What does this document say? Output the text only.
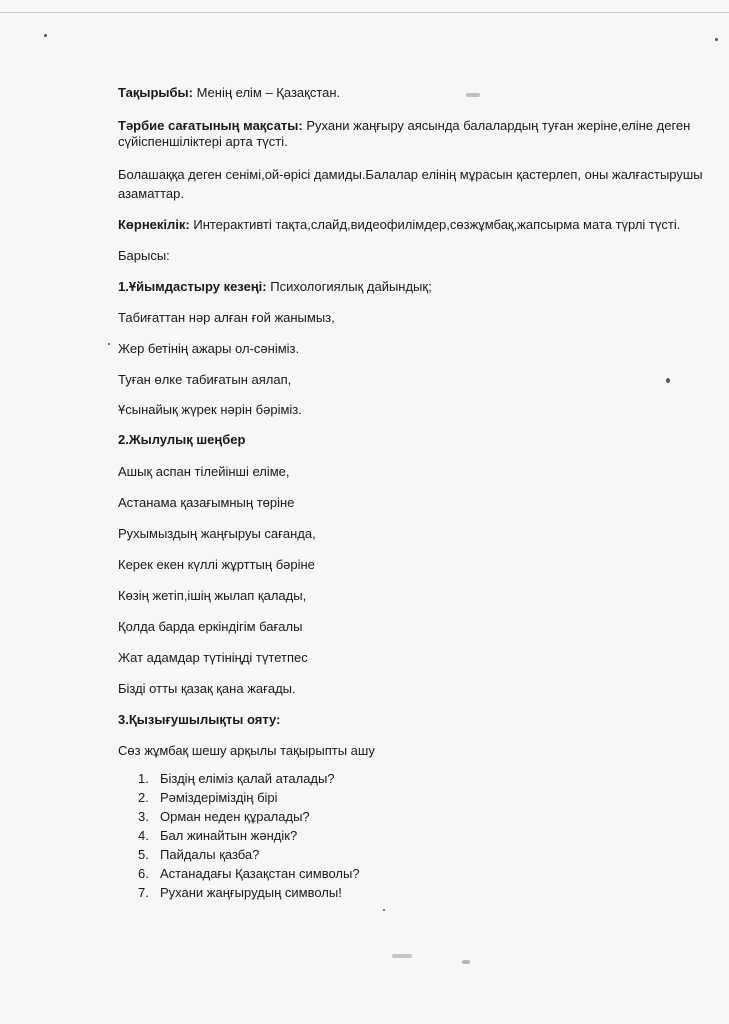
Тақырыбы: Менің елім – Қазақстан.
Тәрбие сағатының мақсаты: Рухани жаңғыру аясында балалардың туған жеріне,еліне деген
сүйіспеншіліктері арта түсті.
Болашаққа деген сенімі,ой-өрісі дамиды.Балалар елінің мұрасын қастерлеп, оны жалғастырушы
азаматтар.
Көрнекілік: Интерактивті тақта,слайд,видеофилімдер,сөзжұмбақ,жапсырма мата түрлі түсті.
Барысы:
1.Ұйымдастыру кезеңі: Психологиялық дайындық;
Табиғаттан нәр алған ғой жанымыз,
Жер бетінің ажары ол-сәніміз.
Туған өлке табиғатын аялап,
Ұсынайық жүрек нәрін бәріміз.
2.Жылулық шеңбер
Ашық аспан тілейінші еліме,
Астанама қазағымның төріне
Рухымыздың жаңғыруы сағанда,
Керек екен күллі жұрттың бәріне
Көзің жетіп,ішің жылап қалады,
Қолда барда еркіндігім бағалы
Жат адамдар түтініңді түтетпес
Бізді отты қазақ қана жағады.
3.Қызығушылықты ояту:
Сөз жұмбақ шешу арқылы тақырыпты ашу
1. Біздің еліміз қалай аталады?
2. Рәміздеріміздің бірі
3. Орман неден құралады?
4. Бал жинайтын жәндік?
5. Пайдалы қазба?
6. Астанадағы Қазақстан символы?
7. Рухани жаңғырудың символы!
